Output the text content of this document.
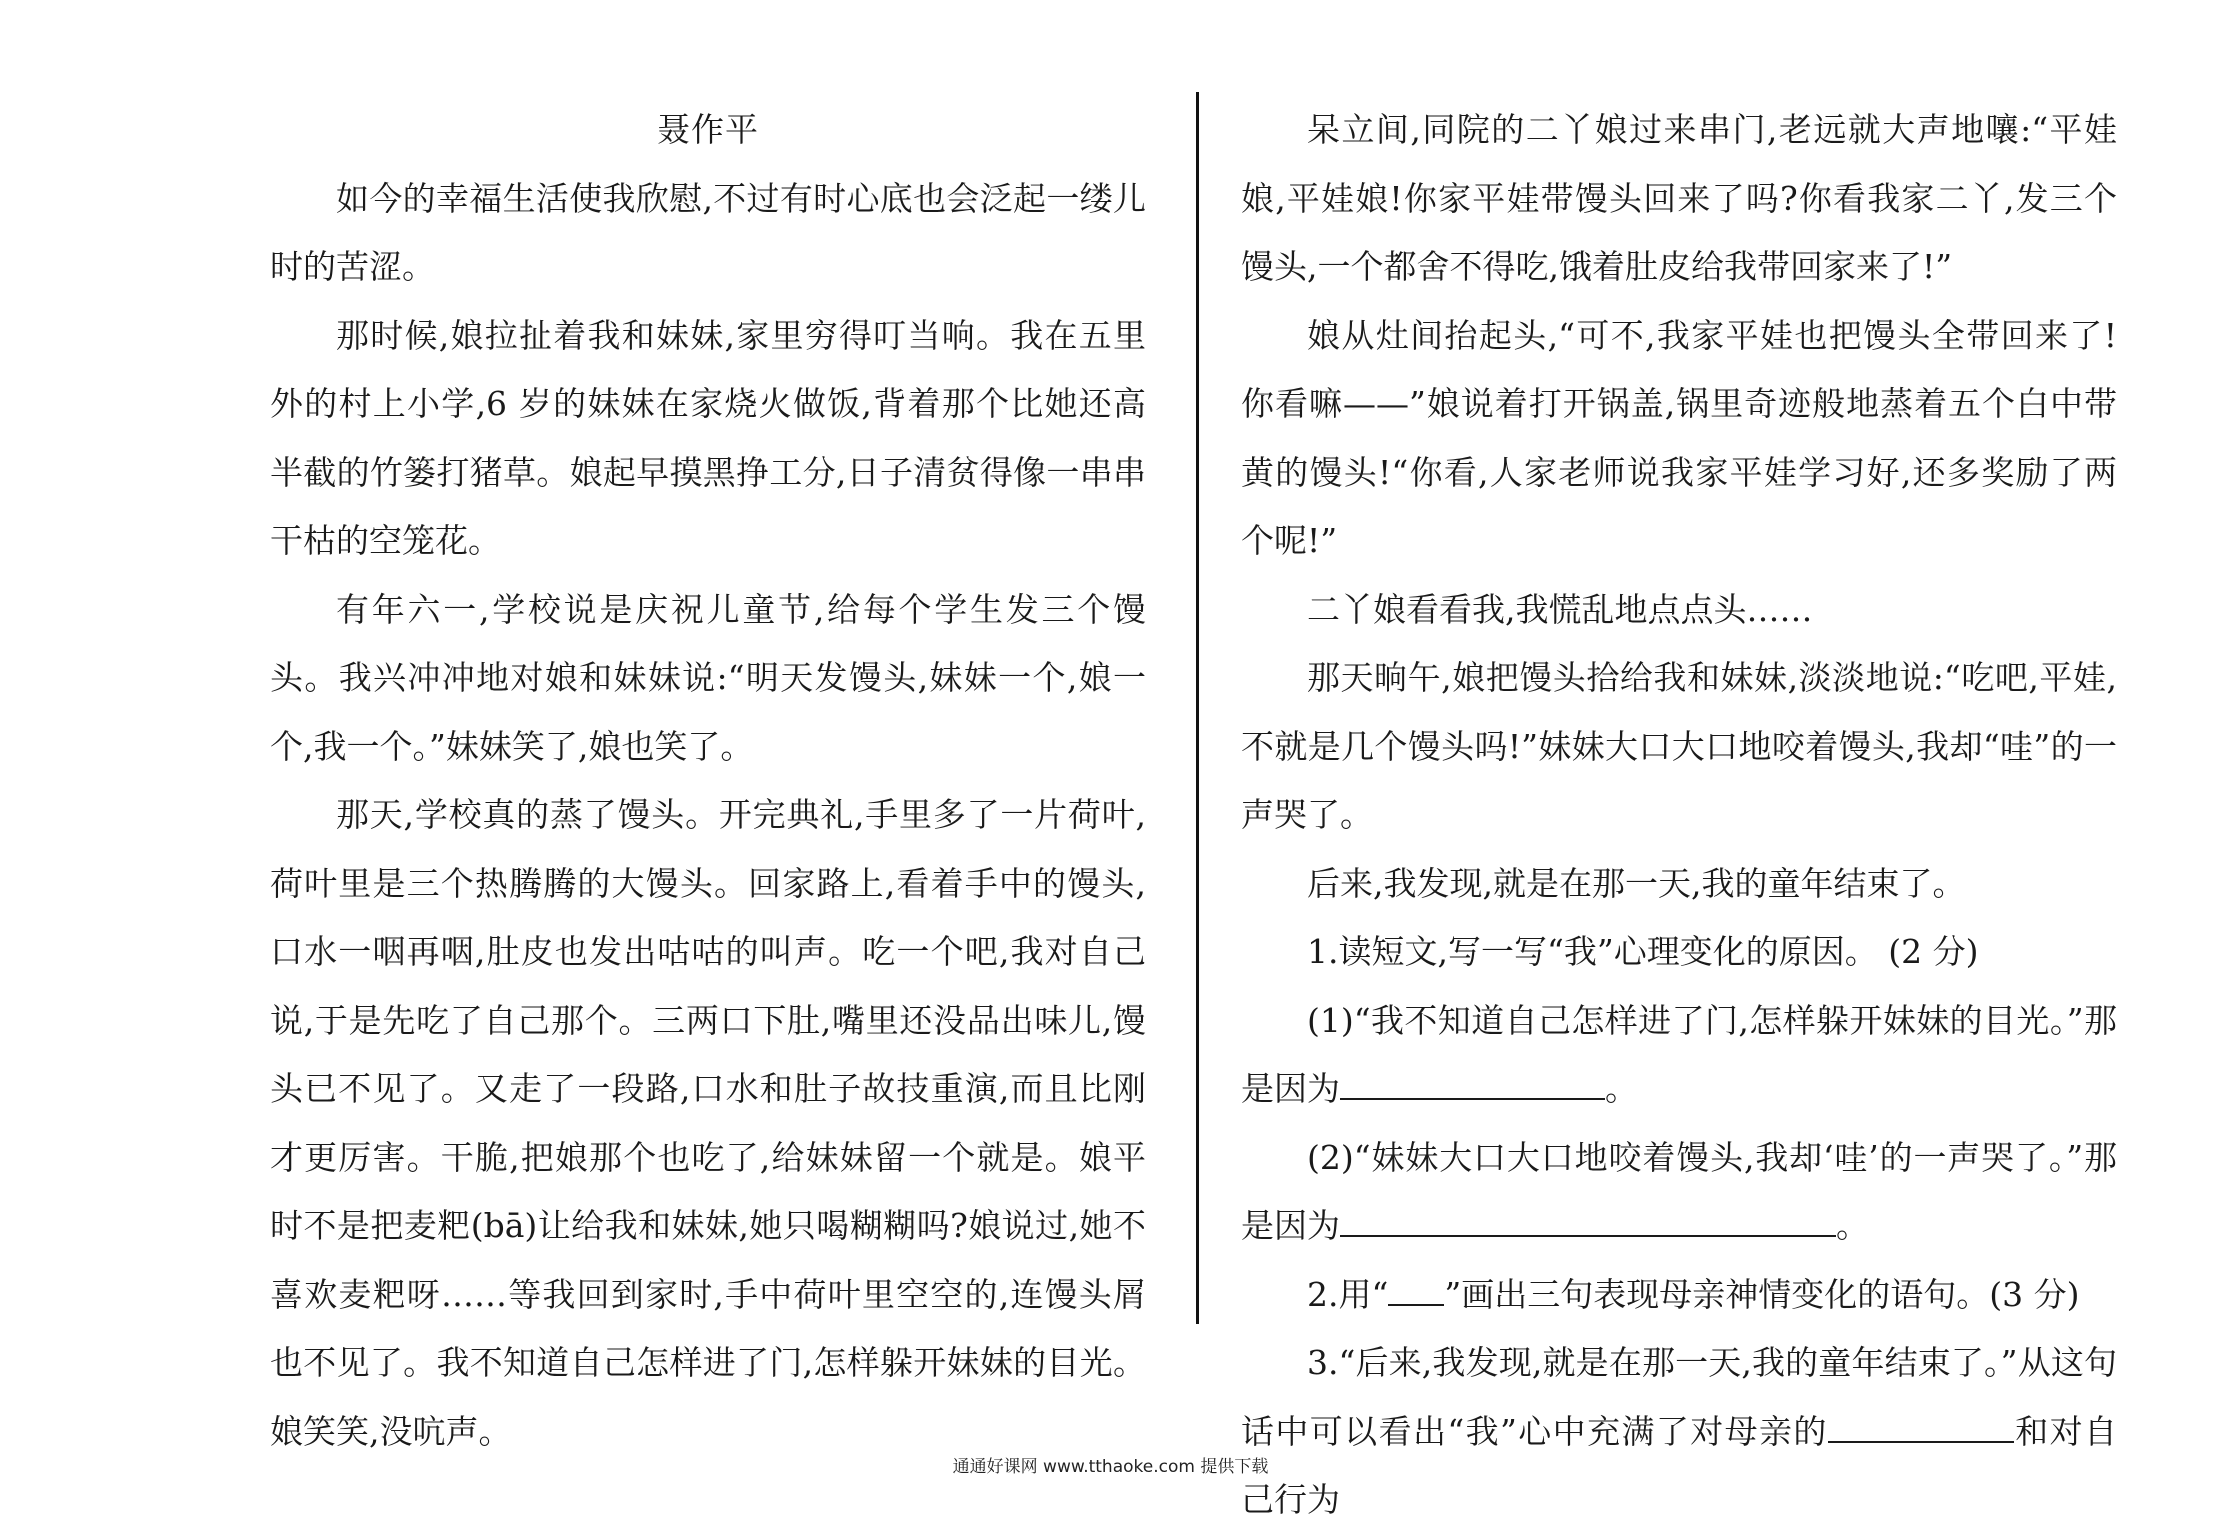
聂作平

如今的幸福生活使我欣慰,不过有时心底也会泛起一缕儿时的苦涩。

那时候,娘拉扯着我和妹妹,家里穷得叮当响。我在五里外的村上小学,6 岁的妹妹在家烧火做饭,背着那个比她还高半截的竹篓打猪草。娘起早摸黑挣工分,日子清贫得像一串串干枯的空笼花。

有年六一,学校说是庆祝儿童节,给每个学生发三个馒头。我兴冲冲地对娘和妹妹说:“明天发馒头,妹妹一个,娘一个,我一个。”妹妹笑了,娘也笑了。

那天,学校真的蒸了馒头。开完典礼,手里多了一片荷叶,荷叶里是三个热腾腾的大馒头。回家路上,看着手中的馒头,口水一咽再咽,肚皮也发出咕咕的叫声。吃一个吧,我对自己说,于是先吃了自己那个。三两口下肚,嘴里还没品出味儿,馒头已不见了。又走了一段路,口水和肚子故技重演,而且比刚才更厉害。干脆,把娘那个也吃了,给妹妹留一个就是。娘平时不是把麦粑(bā)让给我和妹妹,她只喝糊糊吗?娘说过,她不喜欢麦粑呀……等我回到家时,手中荷叶里空空的,连馒头屑也不见了。我不知道自己怎样进了门,怎样躲开妹妹的目光。娘笑笑,没吭声。

呆立间,同院的二丫娘过来串门,老远就大声地嚷:“平娃娘,平娃娘!你家平娃带馒头回来了吗?你看我家二丫,发三个馒头,一个都舍不得吃,饿着肚皮给我带回家来了!”

娘从灶间抬起头,“可不,我家平娃也把馒头全带回来了!你看嘛——”娘说着打开锅盖,锅里奇迹般地蒸着五个白中带黄的馒头!“你看,人家老师说我家平娃学习好,还多奖励了两个呢!”

二丫娘看看我,我慌乱地点点头……

那天晌午,娘把馒头拾给我和妹妹,淡淡地说:“吃吧,平娃,不就是几个馒头吗!”妹妹大口大口地咬着馒头,我却“哇”的一声哭了。

后来,我发现,就是在那一天,我的童年结束了。

1.读短文,写一写“我”心理变化的原因。 (2 分)

(1)“我不知道自己怎样进了门,怎样躲开妹妹的目光。”那是因为	。

(2)“妹妹大口大口地咬着馒头,我却‘哇’的一声哭了。”那是因为	。

2.用“ ”画出三句表现母亲神情变化的语句。(3 分)

3.“后来,我发现,就是在那一天,我的童年结束了。”从这句话中可以看出“我”心中充满了对母亲的	和对自己行为

通通好课网 www.tthaoke.com 提供下载
